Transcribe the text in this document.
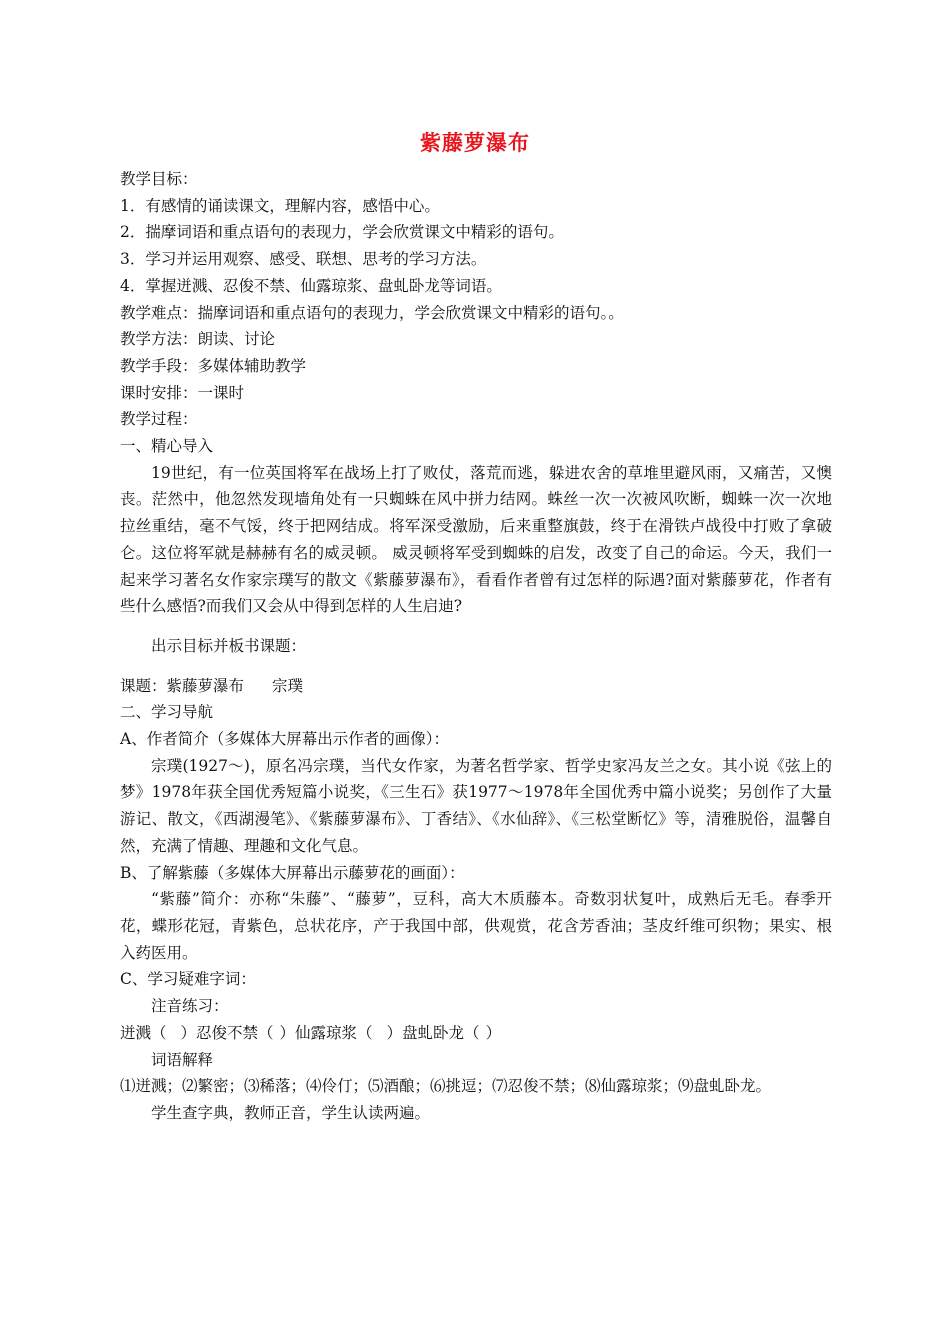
紫藤萝瀑布

教学目标：

1．有感情的诵读课文，理解内容，感悟中心。

2．揣摩词语和重点语句的表现力，学会欣赏课文中精彩的语句。

3．学习并运用观察、感受、联想、思考的学习方法。

4．掌握迸溅、忍俊不禁、仙露琼浆、盘虬卧龙等词语。

教学难点：揣摩词语和重点语句的表现力，学会欣赏课文中精彩的语句。。

教学方法：朗读、讨论

教学手段：多媒体辅助教学

课时安排：一课时

教学过程：

一、精心导入

19世纪，有一位英国将军在战场上打了败仗，落荒而逃，躲进农舍的草堆里避风雨，又痛苦，又懊丧。茫然中，他忽然发现墙角处有一只蜘蛛在风中拼力结网。蛛丝一次一次被风吹断，蜘蛛一次一次地拉丝重结，毫不气馁，终于把网结成。将军深受激励，后来重整旗鼓，终于在滑铁卢战役中打败了拿破仑。这位将军就是赫赫有名的威灵顿。 威灵顿将军受到蜘蛛的启发，改变了自己的命运。今天，我们一起来学习著名女作家宗璞写的散文《紫藤萝瀑布》，看看作者曾有过怎样的际遇?面对紫藤萝花，作者有些什么感悟?而我们又会从中得到怎样的人生启迪?

出示目标并板书课题：

课题：紫藤萝瀑布 宗璞

二、学习导航

A、作者简介（多媒体大屏幕出示作者的画像）：

宗璞(1927～)，原名冯宗璞，当代女作家，为著名哲学家、哲学史家冯友兰之女。其小说《弦上的梦》1978年获全国优秀短篇小说奖，《三生石》获1977～1978年全国优秀中篇小说奖；另创作了大量游记、散文，《西湖漫笔》、《紫藤萝瀑布》、丁香结》、《水仙辞》、《三松堂断忆》等，清雅脱俗，温馨自然，充满了情趣、理趣和文化气息。

B、了解紫藤（多媒体大屏幕出示藤萝花的画面）：

“紫藤”简介：亦称“朱藤”、“藤萝”，豆科，高大木质藤本。奇数羽状复叶，成熟后无毛。春季开花，蝶形花冠，青紫色，总状花序，产于我国中部，供观赏，花含芳香油；茎皮纤维可织物；果实、根入药医用。

C、学习疑难字词：

注音练习：

迸溅（ ）忍俊不禁（ ）仙露琼浆（ ）盘虬卧龙（ ）

词语解释

⑴迸溅；⑵繁密；⑶稀落；⑷伶仃；⑸酒酿；⑹挑逗；⑺忍俊不禁；⑻仙露琼浆；⑼盘虬卧龙。

学生查字典，教师正音，学生认读两遍。
